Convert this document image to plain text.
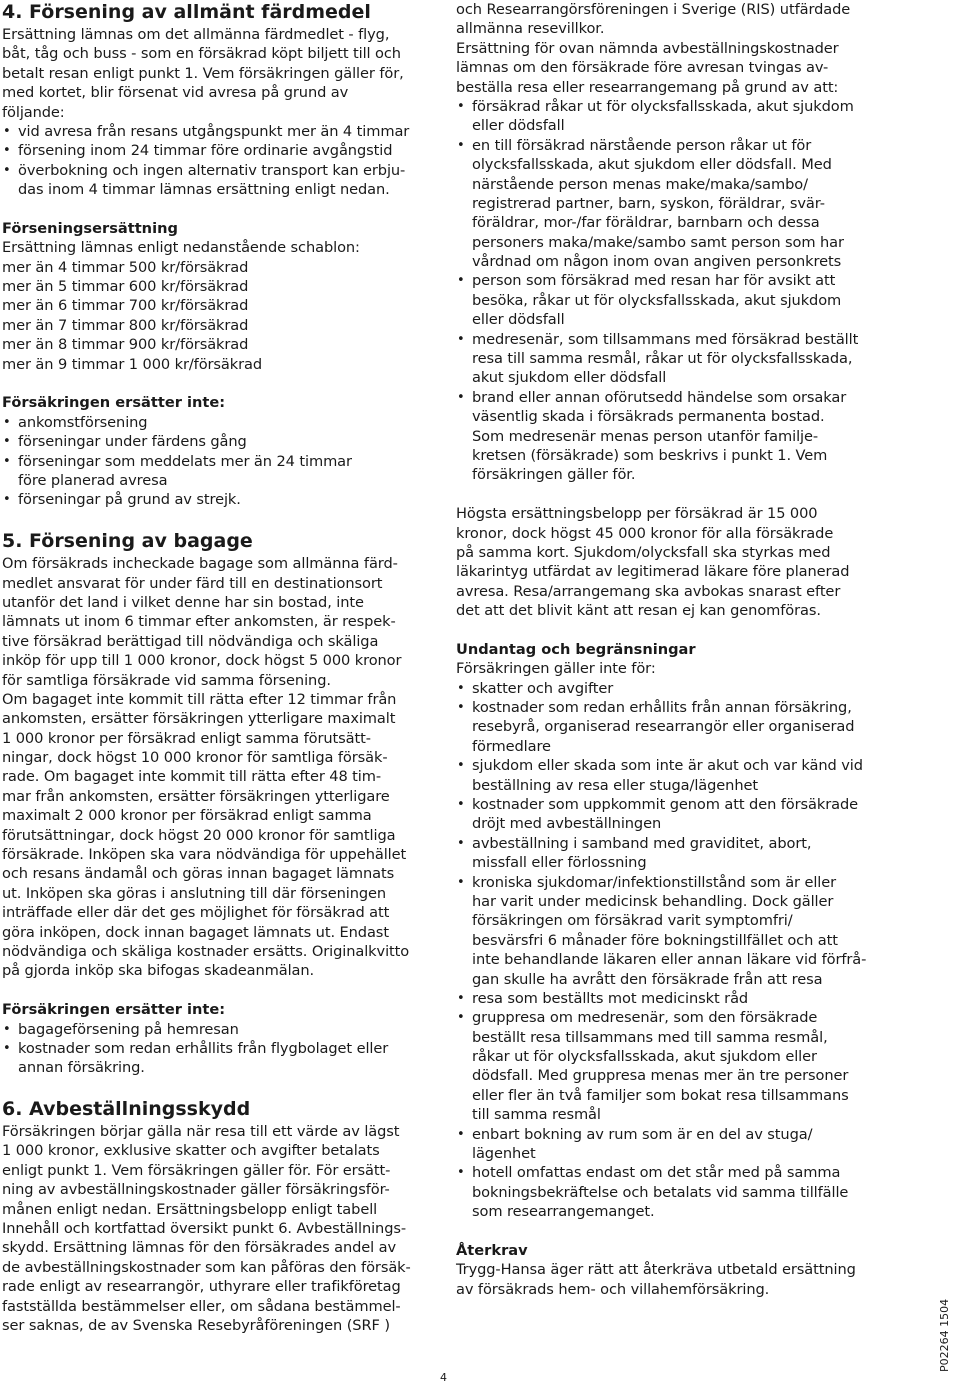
4. Försening av allmänt färdmedel
Ersättning lämnas om det allmänna färdmedlet - flyg,
båt, tåg och buss - som en försäkrad köpt biljett till och
betalt resan enligt punkt 1. Vem försäkringen gäller för,
med kortet, blir försenat vid avresa på grund av
följande:
• vid avresa från resans utgångspunkt mer än 4 timmar
• försening inom 24 timmar före ordinarie avgångstid
• överbokning och ingen alternativ transport kan erbju-
das inom 4 timmar lämnas ersättning enligt nedan.
Förseningsersättning
Ersättning lämnas enligt nedanstående schablon:
mer än 4 timmar 500 kr/försäkrad
mer än 5 timmar 600 kr/försäkrad
mer än 6 timmar 700 kr/försäkrad
mer än 7 timmar 800 kr/försäkrad
mer än 8 timmar 900 kr/försäkrad
mer än 9 timmar 1 000 kr/försäkrad
Försäkringen ersätter inte:
• ankomstförsening
• förseningar under färdens gång
• förseningar som meddelats mer än 24 timmar
före planerad avresa
• förseningar på grund av strejk.
5. Försening av bagage
Om försäkrads incheckade bagage som allmänna färd-
medlet ansvarat för under färd till en destinationsort
utanför det land i vilket denne har sin bostad, inte
lämnats ut inom 6 timmar efter ankomsten, är respek-
tive försäkrad berättigad till nödvändiga och skäliga
inköp för upp till 1 000 kronor, dock högst 5 000 kronor
för samtliga försäkrade vid samma försening.
Om bagaget inte kommit till rätta efter 12 timmar från
ankomsten, ersätter försäkringen ytterligare maximalt
1 000 kronor per försäkrad enligt samma förutsätt-
ningar, dock högst 10 000 kronor för samtliga försäk-
rade. Om bagaget inte kommit till rätta efter 48 tim-
mar från ankomsten, ersätter försäkringen ytterligare
maximalt 2 000 kronor per försäkrad enligt samma
förutsättningar, dock högst 20 000 kronor för samtliga
försäkrade. Inköpen ska vara nödvändiga för uppehället
och resans ändamål och göras innan bagaget lämnats
ut. Inköpen ska göras i anslutning till där förseningen
inträffade eller där det ges möjlighet för försäkrad att
göra inköpen, dock innan bagaget lämnats ut. Endast
nödvändiga och skäliga kostnader ersätts. Originalkvitto
på gjorda inköp ska bifogas skadeanmälan.
Försäkringen ersätter inte:
• bagageförsening på hemresan
• kostnader som redan erhållits från flygbolaget eller
annan försäkring.
6. Avbeställningsskydd
Försäkringen börjar gälla när resa till ett värde av lägst
1 000 kronor, exklusive skatter och avgifter betalats
enligt punkt 1. Vem försäkringen gäller för. För ersätt-
ning av avbeställningskostnader gäller försäkringsför-
månen enligt nedan. Ersättningsbelopp enligt tabell
Innehåll och kortfattad översikt punkt 6. Avbeställnings-
skydd. Ersättning lämnas för den försäkrades andel av
de avbeställningskostnader som kan påföras den försäk-
rade enligt av researrangör, uthyrare eller trafikföretag
fastställda bestämmelser eller, om sådana bestämmel-
ser saknas, de av Svenska Resebyråföreningen (SRF )
och Researrangörsföreningen i Sverige (RIS) utfärdade
allmänna resevillkor.
Ersättning för ovan nämnda avbeställningskostnader
lämnas om den försäkrade före avresan tvingas av-
beställa resa eller researrangemang på grund av att:
• försäkrad råkar ut för olycksfallsskada, akut sjukdom
eller dödsfall
• en till försäkrad närstående person råkar ut för
olycksfallsskada, akut sjukdom eller dödsfall. Med
närstående person menas make/maka/sambo/
registrerad partner, barn, syskon, föräldrar, svär-
föräldrar, mor-/far föräldrar, barnbarn och dessa
personers maka/make/sambo samt person som har
vårdnad om någon inom ovan angiven personkrets
• person som försäkrad med resan har för avsikt att
besöka, råkar ut för olycksfallsskada, akut sjukdom
eller dödsfall
• medresenär, som tillsammans med försäkrad beställt
resa till samma resmål, råkar ut för olycksfallsskada,
akut sjukdom eller dödsfall
• brand eller annan oförutsedd händelse som orsakar
väsentlig skada i försäkrads permanenta bostad.
Som medresenär menas person utanför familje-
kretsen (försäkrade) som beskrivs i punkt 1. Vem
försäkringen gäller för.
Högsta ersättningsbelopp per försäkrad är 15 000
kronor, dock högst 45 000 kronor för alla försäkrade
på samma kort. Sjukdom/olycksfall ska styrkas med
läkarintyg utfärdat av legitimerad läkare före planerad
avresa. Resa/arrangemang ska avbokas snarast efter
det att det blivit känt att resan ej kan genomföras.
Undantag och begränsningar
Försäkringen gäller inte för:
• skatter och avgifter
• kostnader som redan erhållits från annan försäkring,
resebyrå, organiserad researrangör eller organiserad
förmedlare
• sjukdom eller skada som inte är akut och var känd vid
beställning av resa eller stuga/lägenhet
• kostnader som uppkommit genom att den försäkrade
dröjt med avbeställningen
• avbeställning i samband med graviditet, abort,
missfall eller förlossning
• kroniska sjukdomar/infektionstillstånd som är eller
har varit under medicinsk behandling. Dock gäller
försäkringen om försäkrad varit symptomfri/
besvärsfri 6 månader före bokningstillfället och att
inte behandlande läkaren eller annan läkare vid förfrå-
gan skulle ha avrått den försäkrade från att resa
• resa som beställts mot medicinskt råd
• gruppresa om medresenär, som den försäkrade
beställt resa tillsammans med till samma resmål,
råkar ut för olycksfallsskada, akut sjukdom eller
dödsfall. Med gruppresa menas mer än tre personer
eller fler än två familjer som bokat resa tillsammans
till samma resmål
• enbart bokning av rum som är en del av stuga/
lägenhet
• hotell omfattas endast om det står med på samma
bokningsbekräftelse och betalats vid samma tillfälle
som researrangemanget.
Återkrav
Trygg-Hansa äger rätt att återkräva utbetald ersättning
av försäkrads hem- och villahemförsäkring.
4
P02264 1504
